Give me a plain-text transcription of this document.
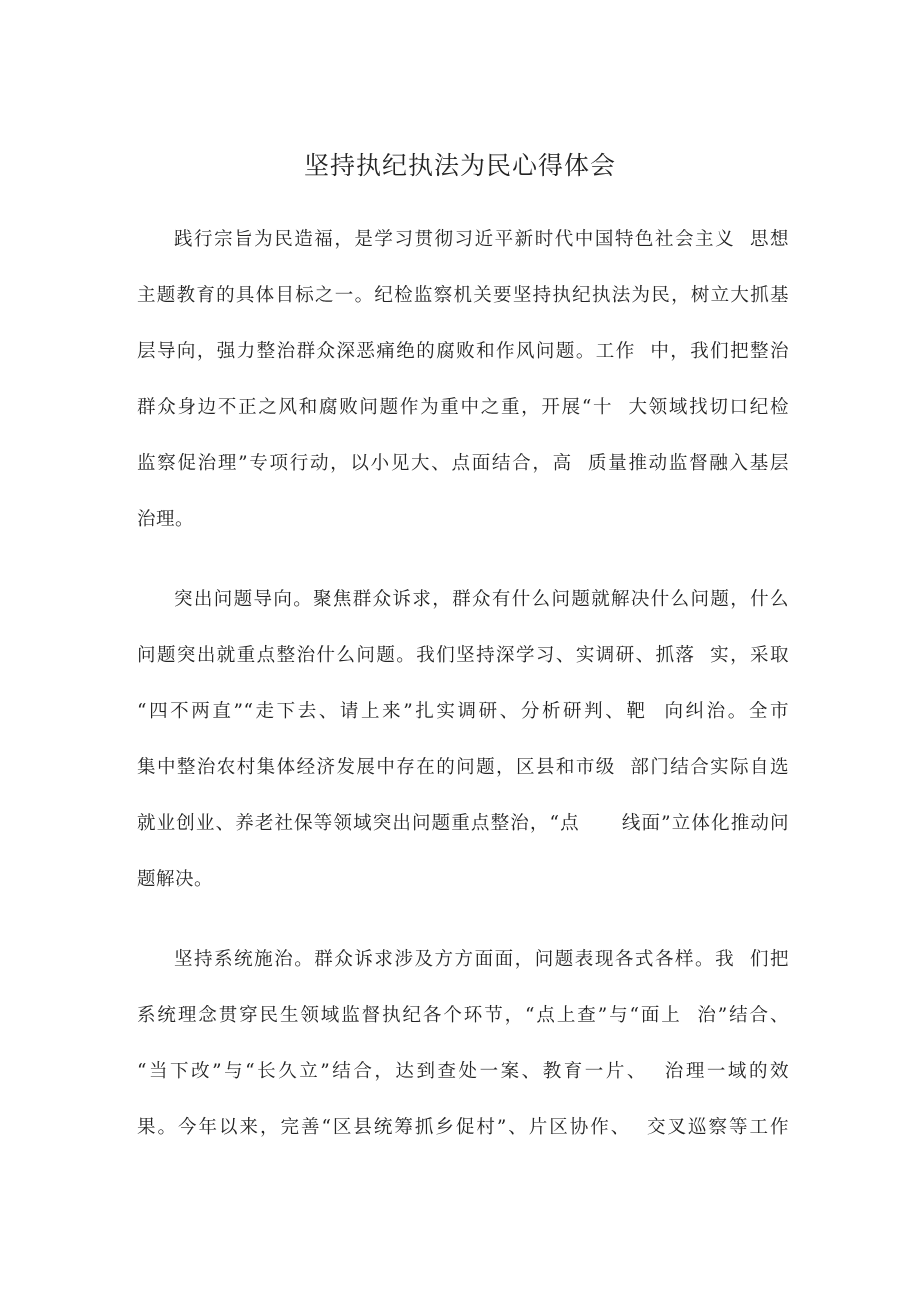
坚持执纪执法为民心得体会
践行宗旨为民造福，是学习贯彻习近平新时代中国特色社会主义  思想
主题教育的具体目标之一。纪检监察机关要坚持执纪执法为民，树立大抓基
层导向，强力整治群众深恶痛绝的腐败和作风问题。工作  中，我们把整治
群众身边不正之风和腐败问题作为重中之重，开展“十  大领域找切口纪检
监察促治理”专项行动，以小见大、点面结合，高  质量推动监督融入基层
治理。
突出问题导向。聚焦群众诉求，群众有什么问题就解决什么问题，什么
问题突出就重点整治什么问题。我们坚持深学习、实调研、抓落  实，采取
“四不两直”“走下去、请上来”扎实调研、分析研判、靶  向纠治。全市
集中整治农村集体经济发展中存在的问题，区县和市级  部门结合实际自选
就业创业、养老社保等领域突出问题重点整治，“点      线面”立体化推动问
题解决。
坚持系统施治。群众诉求涉及方方面面，问题表现各式各样。我  们把
系统理念贯穿民生领域监督执纪各个环节，“点上查”与“面上  治”结合、
“当下改”与“长久立”结合，达到查处一案、教育一片、  治理一域的效
果。今年以来，完善“区县统筹抓乡促村”、片区协作、  交叉巡察等工作
